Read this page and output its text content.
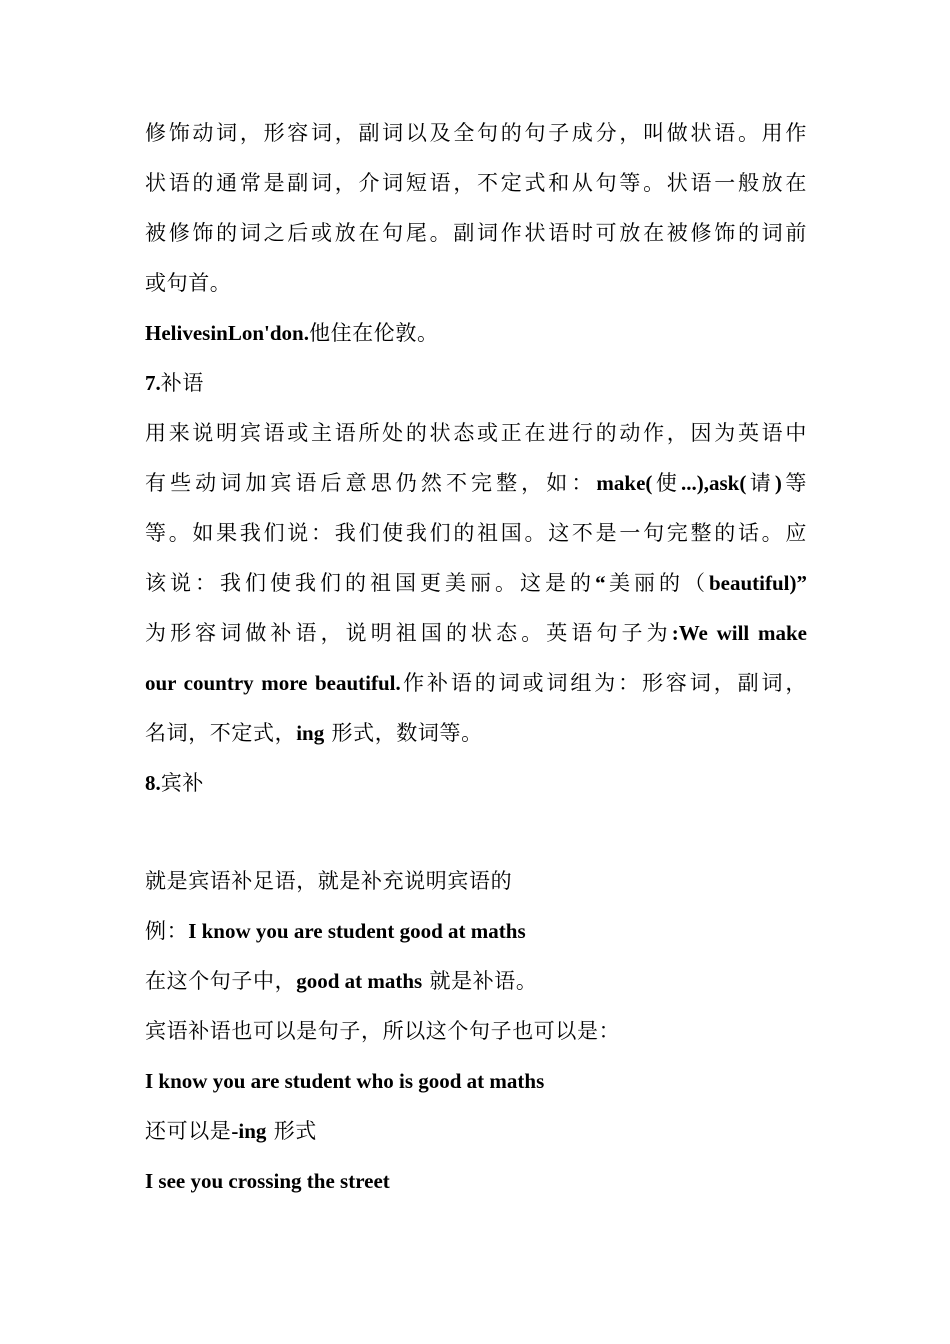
修饰动词，形容词，副词以及全句的句子成分，叫做状语。用作
状语的通常是副词，介词短语，不定式和从句等。状语一般放在
被修饰的词之后或放在句尾。副词作状语时可放在被修饰的词前
或句首。
HelivesinLon'don.他住在伦敦。
7.补语
用来说明宾语或主语所处的状态或正在进行的动作，因为英语中
有些动词加宾语后意思仍然不完整，如：make(使...),ask(请)等
等。如果我们说：我们使我们的祖国。这不是一句完整的话。应
该说：我们使我们的祖国更美丽。这是的“美丽的（beautiful)”
为形容词做补语，说明祖国的状态。英语句子为:We will make
our country more beautiful.作补语的词或词组为：形容词，副词，
名词，不定式，ing 形式，数词等。
8.宾补
就是宾语补足语，就是补充说明宾语的
例：I know you are student good at maths
在这个句子中，good at maths 就是补语。
宾语补语也可以是句子，所以这个句子也可以是：
I know you are student who is good at maths
还可以是-ing 形式
I see you crossing the street
